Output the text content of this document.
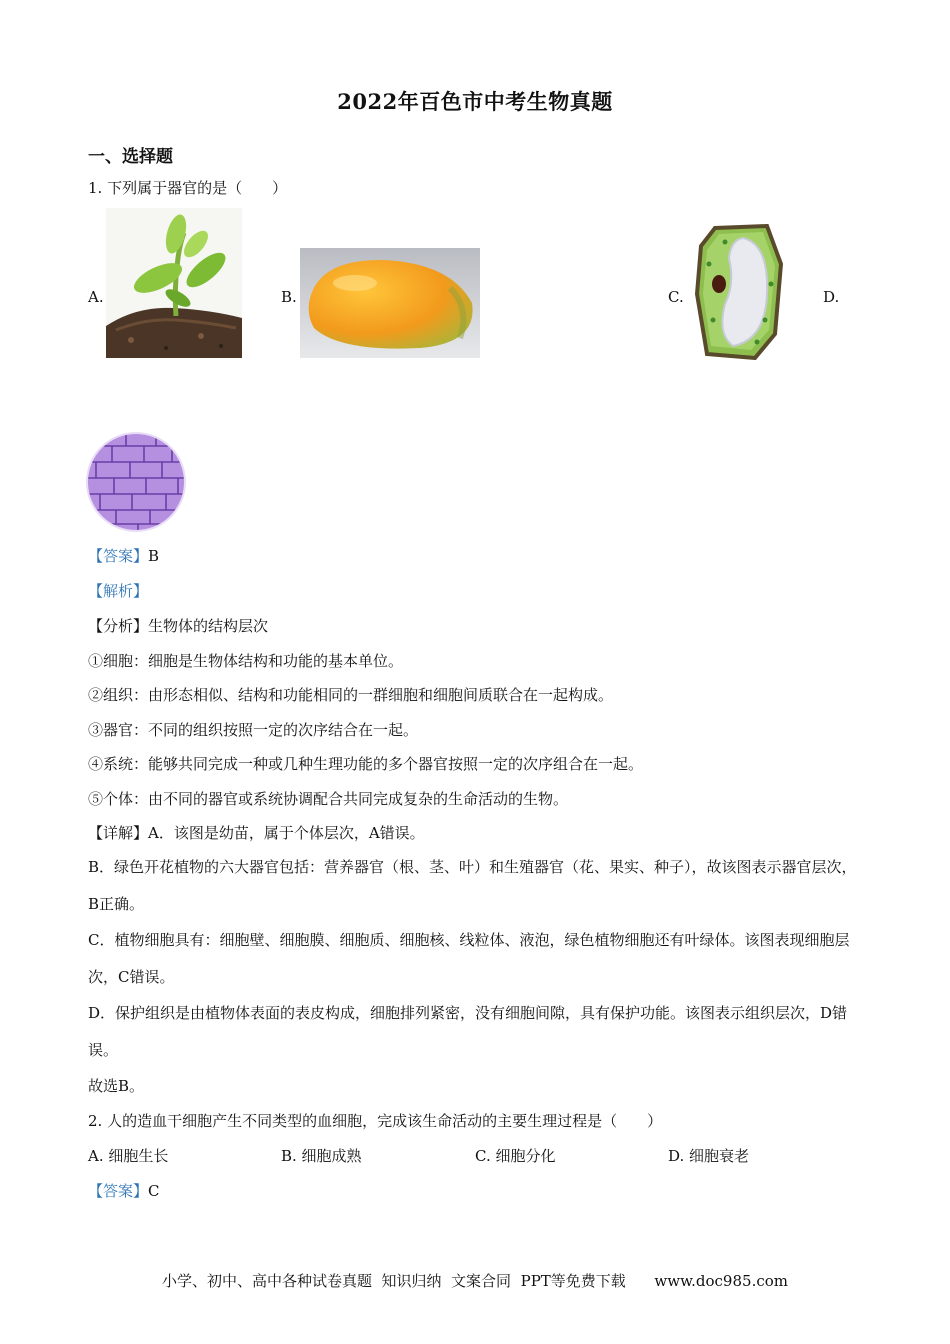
2022年百色市中考生物真题
一、选择题
1. 下列属于器官的是（　　）
A.	B.	C.	D.
【答案】B
【解析】
【分析】生物体的结构层次
①细胞：细胞是生物体结构和功能的基本单位。
②组织：由形态相似、结构和功能相同的一群细胞和细胞间质联合在一起构成。
③器官：不同的组织按照一定的次序结合在一起。
④系统：能够共同完成一种或几种生理功能的多个器官按照一定的次序组合在一起。
⑤个体：由不同的器官或系统协调配合共同完成复杂的生命活动的生物。
【详解】A．该图是幼苗，属于个体层次，A错误。
B．绿色开花植物的六大器官包括：营养器官（根、茎、叶）和生殖器官（花、果实、种子），故该图表示器官层次，B正确。
C．植物细胞具有：细胞壁、细胞膜、细胞质、细胞核、线粒体、液泡，绿色植物细胞还有叶绿体。该图表现细胞层次，C错误。
D．保护组织是由植物体表面的表皮构成，细胞排列紧密，没有细胞间隙，具有保护功能。该图表示组织层次，D错误。
故选B。
2. 人的造血干细胞产生不同类型的血细胞，完成该生命活动的主要生理过程是（　　）
A. 细胞生长	B. 细胞成熟	C. 细胞分化	D. 细胞衰老
【答案】C
小学、初中、高中各种试卷真题  知识归纳  文案合同  PPT等免费下载      www.doc985.com
